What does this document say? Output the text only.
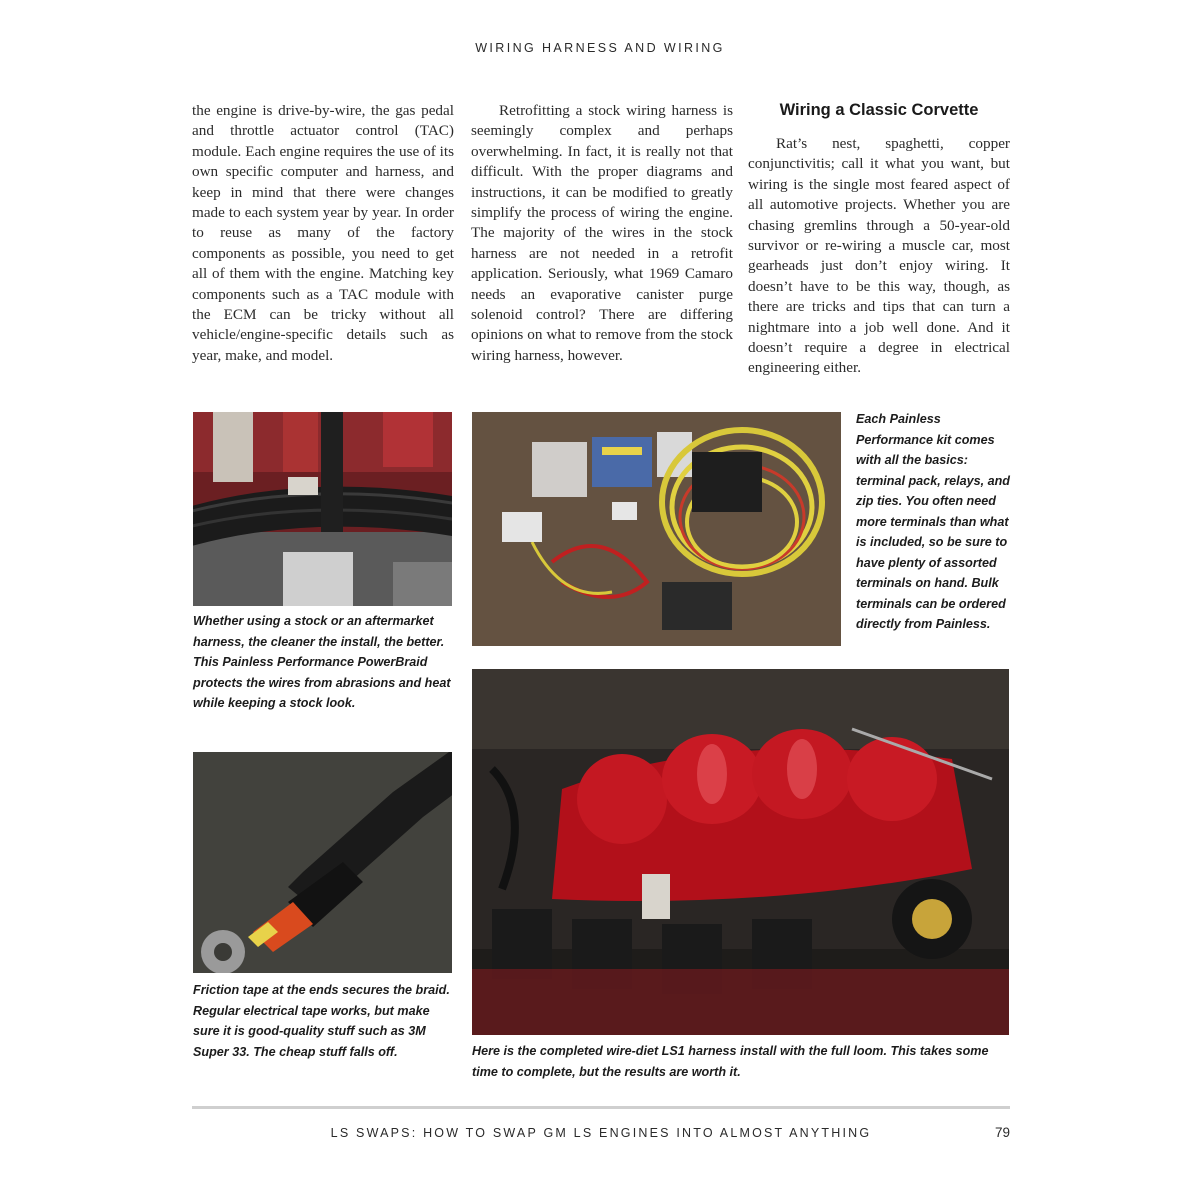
WIRING HARNESS AND WIRING

the engine is drive-by-wire, the gas pedal and throttle actuator control (TAC) module. Each engine requires the use of its own specific computer and harness, and keep in mind that there were changes made to each system year by year. In order to reuse as many of the factory components as possible, you need to get all of them with the engine. Matching key components such as a TAC module with the ECM can be tricky without all vehicle/engine-specific details such as year, make, and model.

Retrofitting a stock wiring harness is seemingly complex and perhaps overwhelming. In fact, it is really not that difficult. With the proper diagrams and instructions, it can be modified to greatly simplify the process of wiring the engine. The majority of the wires in the stock harness are not needed in a retrofit application. Seriously, what 1969 Camaro needs an evaporative canister purge solenoid control? There are differing opinions on what to remove from the stock wiring harness, however.

Wiring a Classic Corvette

Rat’s nest, spaghetti, copper conjunctivitis; call it what you want, but wiring is the single most feared aspect of all automotive projects. Whether you are chasing gremlins through a 50-year-old survivor or re-wiring a muscle car, most gearheads just don’t enjoy wiring. It doesn’t have to be this way, though, as there are tricks and tips that can turn a nightmare into a job well done. And it doesn’t require a degree in electrical engineering either.

Whether using a stock or an aftermarket harness, the cleaner the install, the better. This Painless Performance PowerBraid protects the wires from abrasions and heat while keeping a stock look.
Each Painless Performance kit comes with all the basics: terminal pack, relays, and zip ties. You often need more terminals than what is included, so be sure to have plenty of assorted terminals on hand. Bulk terminals can be ordered directly from Painless.
Friction tape at the ends secures the braid. Regular electrical tape works, but make sure it is good-quality stuff such as 3M Super 33. The cheap stuff falls off.	Here is the completed wire-diet LS1 harness install with the full loom. This takes some time to complete, but the results are worth it.
LS SWAPS: HOW TO SWAP GM LS ENGINES INTO ALMOST ANYTHING	79
